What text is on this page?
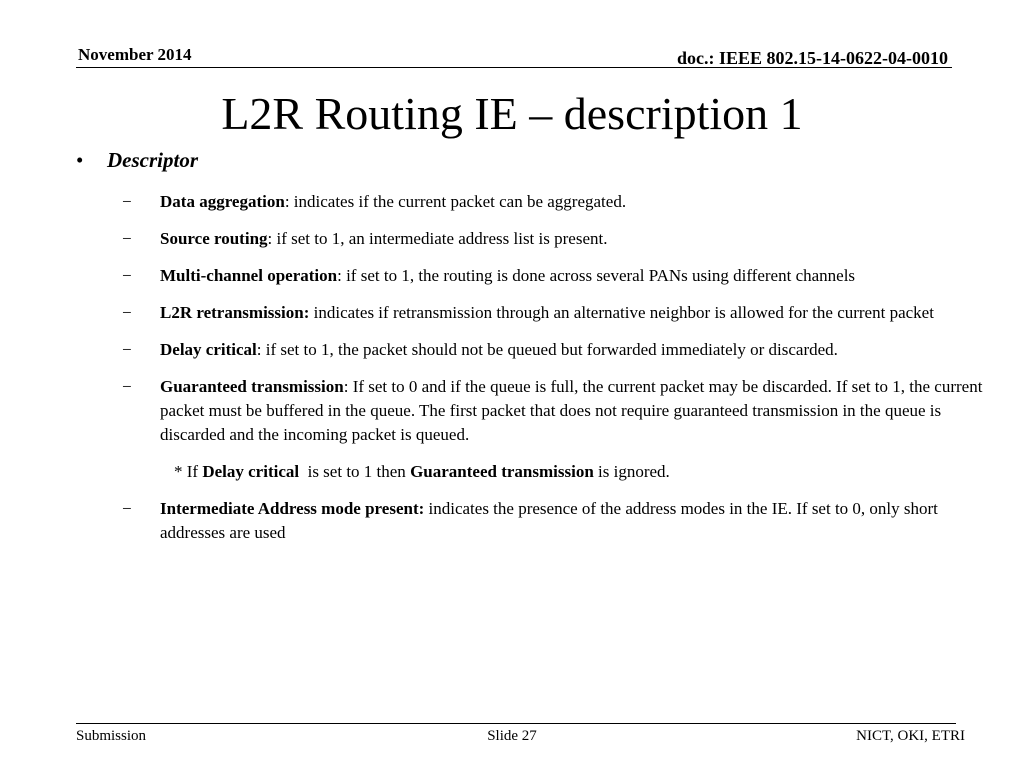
November 2014	doc.: IEEE 802.15-14-0622-04-0010
L2R Routing IE – description 1
• Descriptor
− Data aggregation: indicates if the current packet can be aggregated.
− Source routing: if set to 1, an intermediate address list is present.
− Multi-channel operation: if set to 1, the routing is done across several PANs using different channels
− L2R retransmission: indicates if retransmission through an alternative neighbor is allowed for the current packet
− Delay critical: if set to 1, the packet should not be queued but forwarded immediately or discarded.
− Guaranteed transmission: If set to 0 and if the queue is full, the current packet may be discarded. If set to 1, the current packet must be buffered in the queue. The first packet that does not require guaranteed transmission in the queue is discarded and the incoming packet is queued.
* If Delay critical  is set to 1 then Guaranteed transmission is ignored.
− Intermediate Address mode present: indicates the presence of the address modes in the IE. If set to 0, only short addresses are used
Submission	Slide 27	NICT, OKI, ETRI
